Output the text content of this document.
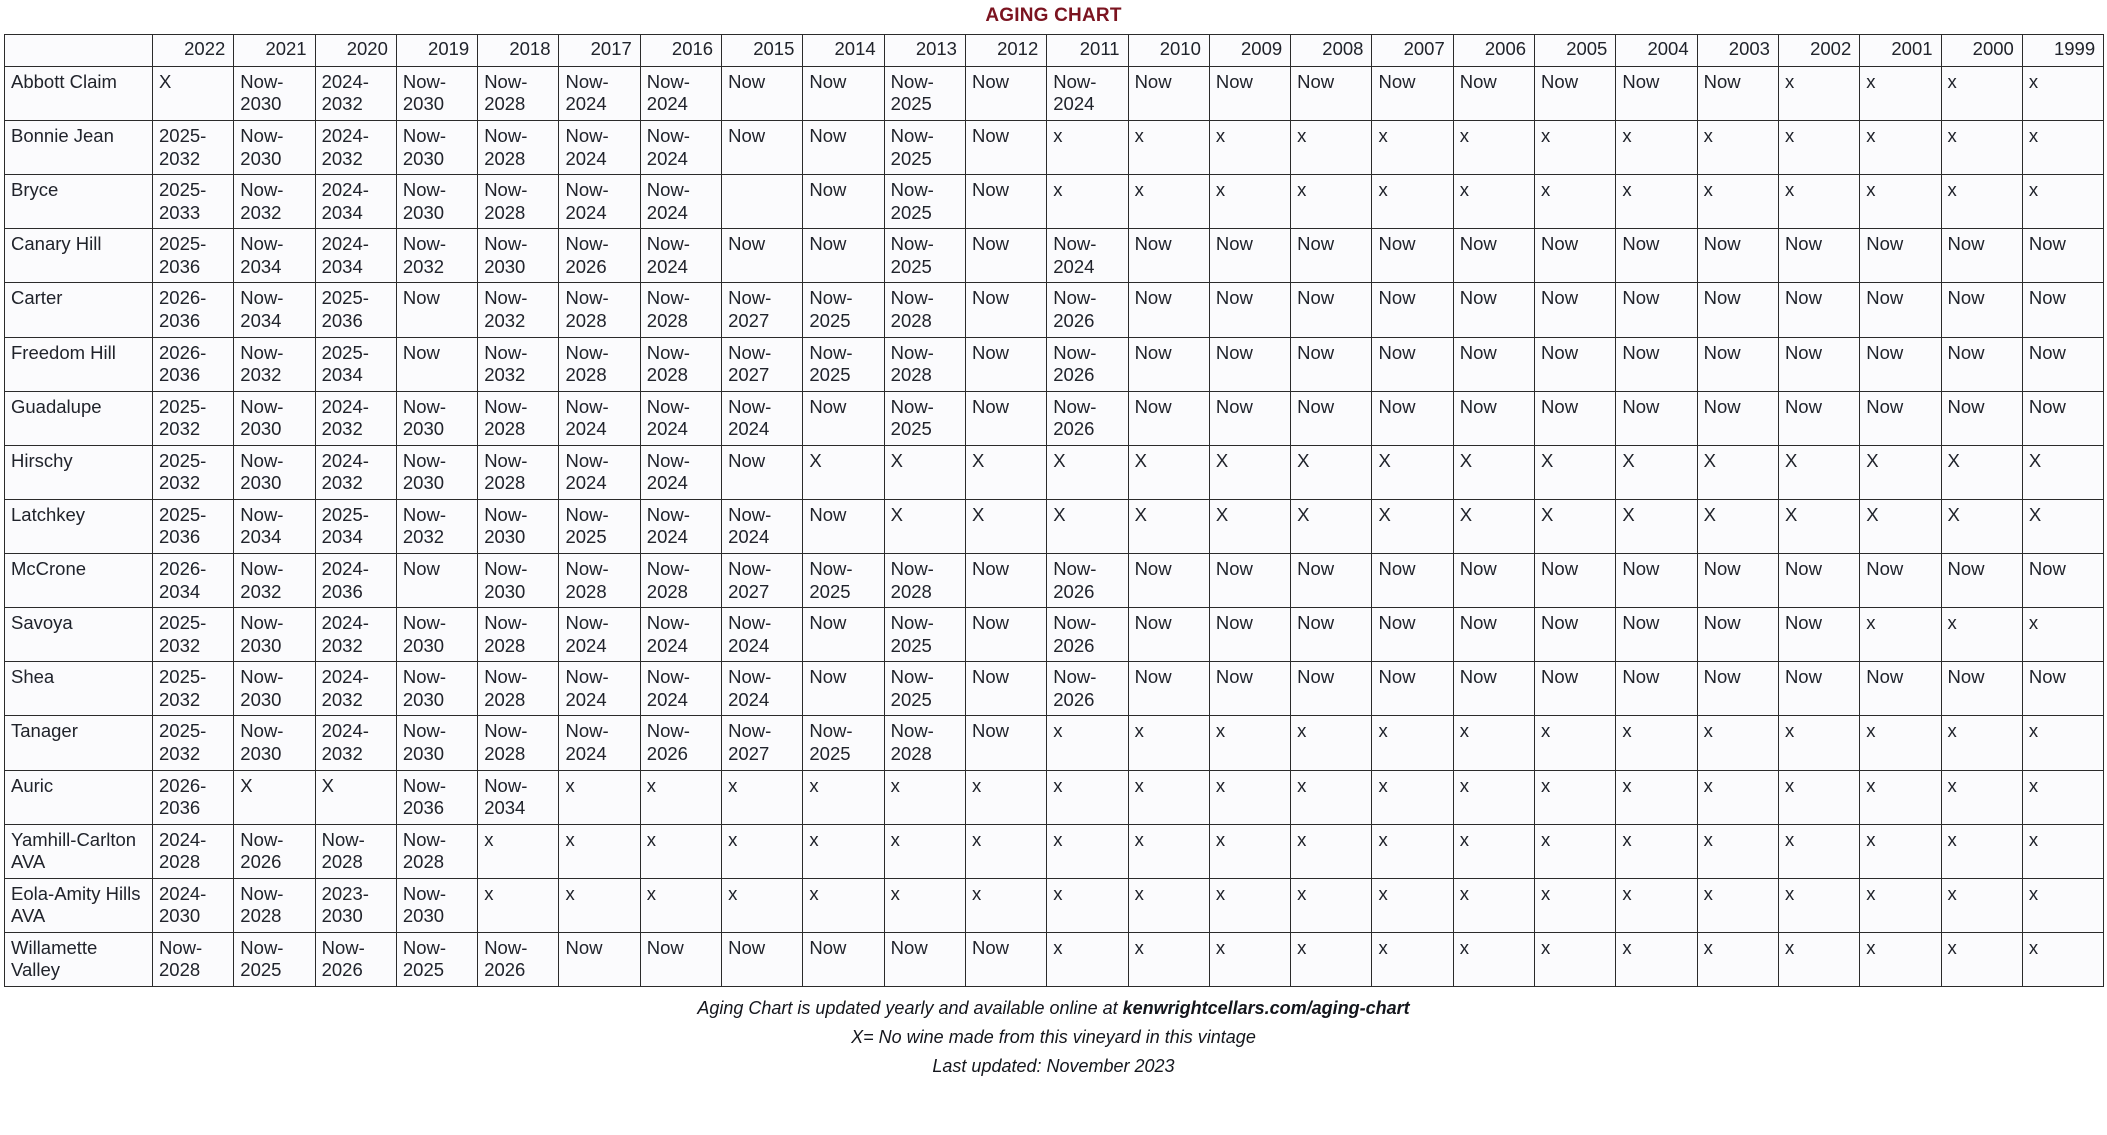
AGING CHART
	2022	2021	2020	2019	2018	2017	2016	2015	2014	2013	2012	2011	2010	2009	2008	2007	2006	2005	2004	2003	2002	2001	2000	1999
Abbott Claim	X	Now-2030	2024-2032	Now-2030	Now-2028	Now-2024	Now-2024	Now	Now	Now-2025	Now	Now-2024	Now	Now	Now	Now	Now	Now	Now	Now	x	x	x	x
Bonnie Jean	2025-2032	Now-2030	2024-2032	Now-2030	Now-2028	Now-2024	Now-2024	Now	Now	Now-2025	Now	x	x	x	x	x	x	x	x	x	x	x	x	x
Bryce	2025-2033	Now-2032	2024-2034	Now-2030	Now-2028	Now-2024	Now-2024		Now	Now-2025	Now	x	x	x	x	x	x	x	x	x	x	x	x	x
Canary Hill	2025-2036	Now-2034	2024-2034	Now-2032	Now-2030	Now-2026	Now-2024	Now	Now	Now-2025	Now	Now-2024	Now	Now	Now	Now	Now	Now	Now	Now	Now	Now	Now	Now
Carter	2026-2036	Now-2034	2025-2036	Now	Now-2032	Now-2028	Now-2028	Now-2027	Now-2025	Now-2028	Now	Now-2026	Now	Now	Now	Now	Now	Now	Now	Now	Now	Now	Now	Now
Freedom Hill	2026-2036	Now-2032	2025-2034	Now	Now-2032	Now-2028	Now-2028	Now-2027	Now-2025	Now-2028	Now	Now-2026	Now	Now	Now	Now	Now	Now	Now	Now	Now	Now	Now	Now
Guadalupe	2025-2032	Now-2030	2024-2032	Now-2030	Now-2028	Now-2024	Now-2024	Now-2024	Now	Now-2025	Now	Now-2026	Now	Now	Now	Now	Now	Now	Now	Now	Now	Now	Now	Now
Hirschy	2025-2032	Now-2030	2024-2032	Now-2030	Now-2028	Now-2024	Now-2024	Now	X	X	X	X	X	X	X	X	X	X	X	X	X	X	X	X
Latchkey	2025-2036	Now-2034	2025-2034	Now-2032	Now-2030	Now-2025	Now-2024	Now-2024	Now	X	X	X	X	X	X	X	X	X	X	X	X	X	X	X
McCrone	2026-2034	Now-2032	2024-2036	Now	Now-2030	Now-2028	Now-2028	Now-2027	Now-2025	Now-2028	Now	Now-2026	Now	Now	Now	Now	Now	Now	Now	Now	Now	Now	Now	Now
Savoya	2025-2032	Now-2030	2024-2032	Now-2030	Now-2028	Now-2024	Now-2024	Now-2024	Now	Now-2025	Now	Now-2026	Now	Now	Now	Now	Now	Now	Now	Now	Now	x	x	x
Shea	2025-2032	Now-2030	2024-2032	Now-2030	Now-2028	Now-2024	Now-2024	Now-2024	Now	Now-2025	Now	Now-2026	Now	Now	Now	Now	Now	Now	Now	Now	Now	Now	Now	Now
Tanager	2025-2032	Now-2030	2024-2032	Now-2030	Now-2028	Now-2024	Now-2026	Now-2027	Now-2025	Now-2028	Now	x	x	x	x	x	x	x	x	x	x	x	x	x
Auric	2026-2036	X	X	Now-2036	Now-2034	x	x	x	x	x	x	x	x	x	x	x	x	x	x	x	x	x	x	x
Yamhill-Carlton AVA	2024-2028	Now-2026	Now-2028	Now-2028	x	x	x	x	x	x	x	x	x	x	x	x	x	x	x	x	x	x	x	x
Eola-Amity Hills AVA	2024-2030	Now-2028	2023-2030	Now-2030	x	x	x	x	x	x	x	x	x	x	x	x	x	x	x	x	x	x	x	x
Willamette Valley	Now-2028	Now-2025	Now-2026	Now-2025	Now-2026	Now	Now	Now	Now	Now	Now	x	x	x	x	x	x	x	x	x	x	x	x	x
Aging Chart is updated yearly and available online at kenwrightcellars.com/aging-chart
X= No wine made from this vineyard in this vintage
Last updated: November 2023
